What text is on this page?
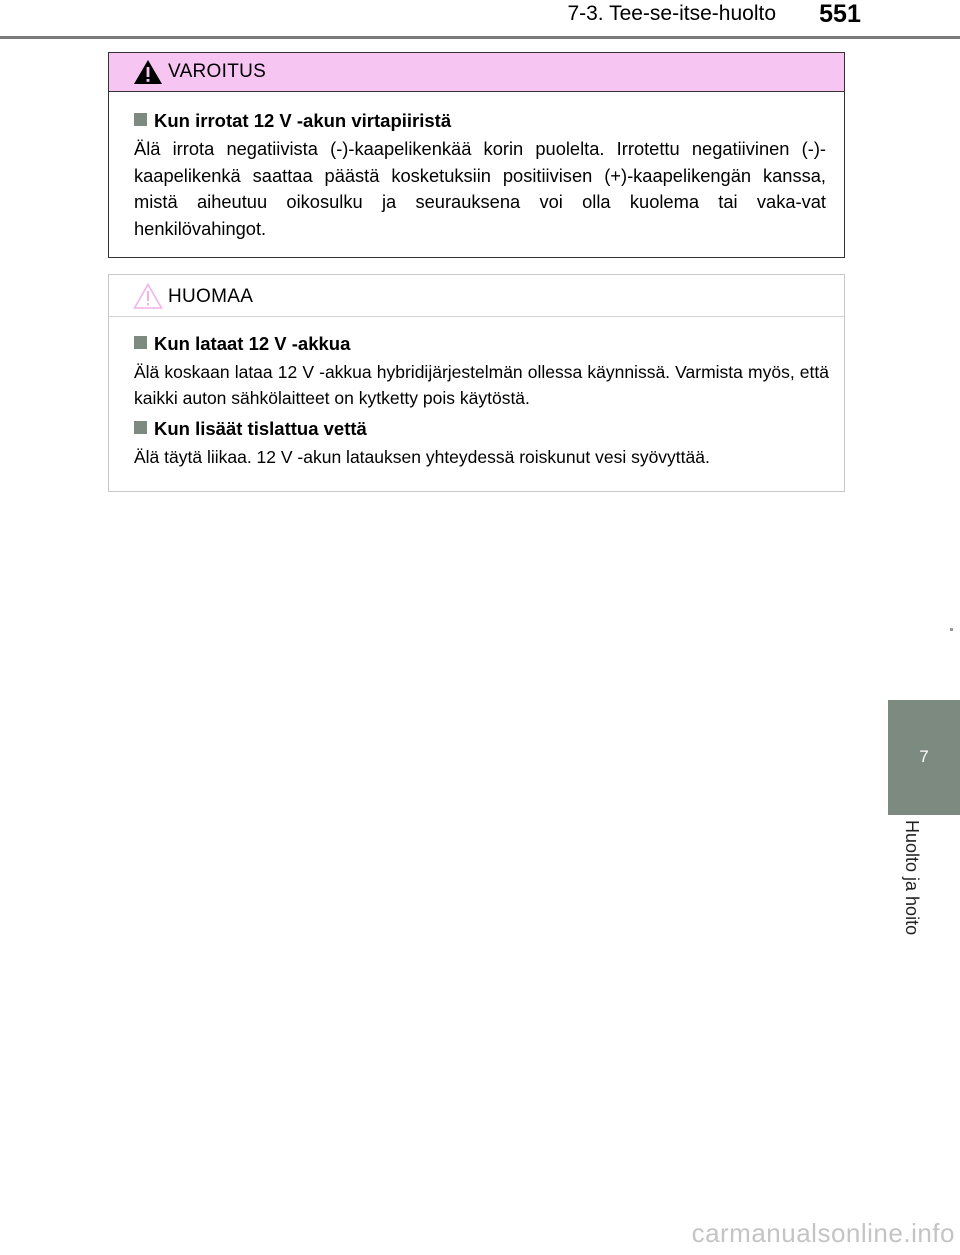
7-3. Tee-se-itse-huolto	551
VAROITUS
Kun irrotat 12 V -akun virtapiiristä
Älä irrota negatiivista (-)-kaapelikenkää korin puolelta. Irrotettu negatiivinen (-)-kaapelikenkä saattaa päästä kosketuksiin positiivisen (+)-kaapelikengän kanssa, mistä aiheutuu oikosulku ja seurauksena voi olla kuolema tai vaka-vat henkilövahingot.
HUOMAA
Kun lataat 12 V -akkua
Älä koskaan lataa 12 V -akkua hybridijärjestelmän ollessa käynnissä. Varmista myös, että kaikki auton sähkölaitteet on kytketty pois käytöstä.
Kun lisäät tislattua vettä
Älä täytä liikaa. 12 V -akun latauksen yhteydessä roiskunut vesi syövyttää.
7
Huolto ja hoito
carmanualsonline.info
